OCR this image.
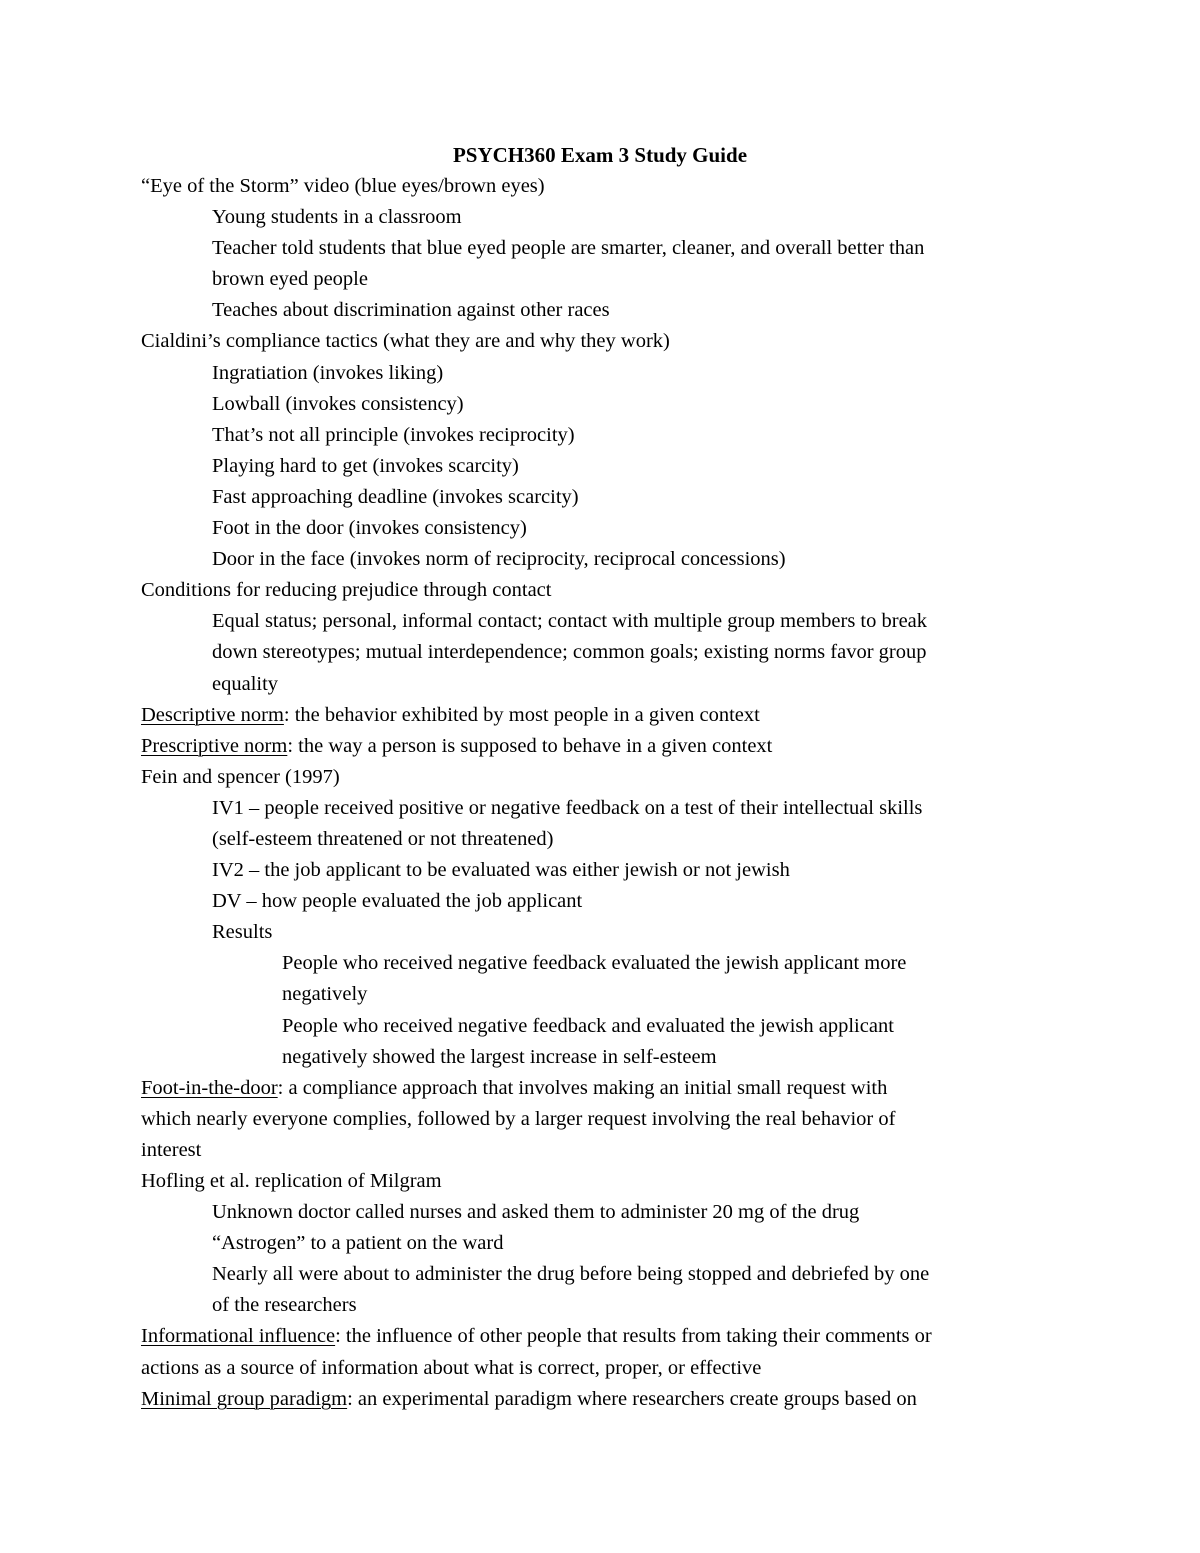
PSYCH360 Exam 3 Study Guide
“Eye of the Storm” video (blue eyes/brown eyes)
Young students in a classroom
Teacher told students that blue eyed people are smarter, cleaner, and overall better than
brown eyed people
Teaches about discrimination against other races
Cialdini’s compliance tactics (what they are and why they work)
Ingratiation (invokes liking)
Lowball (invokes consistency)
That’s not all principle (invokes reciprocity)
Playing hard to get (invokes scarcity)
Fast approaching deadline (invokes scarcity)
Foot in the door (invokes consistency)
Door in the face (invokes norm of reciprocity, reciprocal concessions)
Conditions for reducing prejudice through contact
Equal status; personal, informal contact; contact with multiple group members to break
down stereotypes; mutual interdependence; common goals; existing norms favor group
equality
Descriptive norm: the behavior exhibited by most people in a given context
Prescriptive norm: the way a person is supposed to behave in a given context
Fein and spencer (1997)
IV1 – people received positive or negative feedback on a test of their intellectual skills
(self-esteem threatened or not threatened)
IV2 – the job applicant to be evaluated was either jewish or not jewish
DV – how people evaluated the job applicant
Results
People who received negative feedback evaluated the jewish applicant more
negatively
People who received negative feedback and evaluated the jewish applicant
negatively showed the largest increase in self-esteem
Foot-in-the-door: a compliance approach that involves making an initial small request with
which nearly everyone complies, followed by a larger request involving the real behavior of
interest
Hofling et al. replication of Milgram
Unknown doctor called nurses and asked them to administer 20 mg of the drug
“Astrogen” to a patient on the ward
Nearly all were about to administer the drug before being stopped and debriefed by one
of the researchers
Informational influence: the influence of other people that results from taking their comments or
actions as a source of information about what is correct, proper, or effective
Minimal group paradigm: an experimental paradigm where researchers create groups based on
